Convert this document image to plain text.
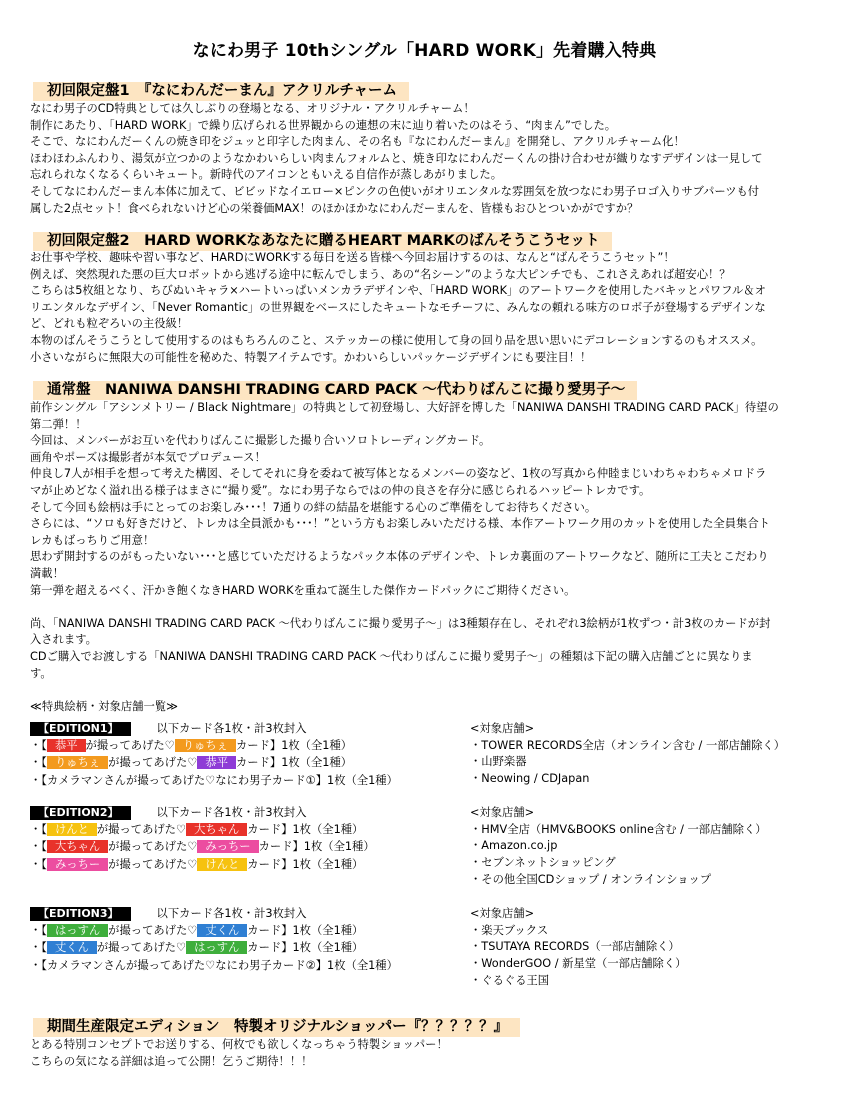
なにわ男子 10thシングル「HARD WORK」先着購入特典
初回限定盤1　『なにわんだーまん』アクリルチャーム
なにわ男子のCD特典としては久しぶりの登場となる、オリジナル・アクリルチャーム！
制作にあたり、「HARD WORK」で繰り広げられる世界観からの連想の末に辿り着いたのはそう、“肉まん”でした。
そこで、なにわんだーくんの焼き印をジュッと印字した肉まん、その名も『なにわんだーまん』を開発し、アクリルチャーム化！
ほわほわふんわり、湯気が立つかのようなかわいらしい肉まんフォルムと、焼き印なにわんだーくんの掛け合わせが織りなすデザインは一見して
忘れられなくなるくらいキュート。新時代のアイコンともいえる自信作が蒸しあがりました。
そしてなにわんだーまん本体に加えて、ビビッドなイエロー×ピンクの色使いがオリエンタルな雰囲気を放つなにわ男子ロゴ入りサブパーツも付
属した2点セット！食べられないけど心の栄養価MAX！のほかほかなにわんだーまんを、皆様もおひとついかがですか？
初回限定盤2　HARD WORKなあなたに贈るHEART MARKのばんそうこうセット
お仕事や学校、趣味や習い事など、HARDにWORKする毎日を送る皆様へ今回お届けするのは、なんと“ばんそうこうセット”！
例えば、突然現れた悪の巨大ロボットから逃げる途中に転んでしまう、あの“名シーン”のような大ピンチでも、これさえあれば超安心！？
こちらは5枚組となり、ちびぬいキャラ×ハートいっぱいメンカラデザインや、「HARD WORK」のアートワークを使用したバキッとパワフル＆オ
リエンタルなデザイン、「Never Romantic」の世界観をベースにしたキュートなモチーフに、みんなの頼れる味方のロボ子が登場するデザインな
ど、どれも粒ぞろいの主役級！
本物のばんそうこうとして使用するのはもちろんのこと、ステッカーの様に使用して身の回り品を思い思いにデコレーションするのもオススメ。
小さいながらに無限大の可能性を秘めた、特製アイテムです。かわいらしいパッケージデザインにも要注目！！
通常盤　NANIWA DANSHI TRADING CARD PACK 〜代わりばんこに撮り愛男子〜
前作シングル「アシンメトリー / Black Nightmare」の特典として初登場し、大好評を博した「NANIWA DANSHI TRADING CARD PACK」待望の
第二弾！！
今回は、メンバーがお互いを代わりばんこに撮影した撮り合いソロトレーディングカード。
画角やポーズは撮影者が本気でプロデュース！
仲良し7人が相手を想って考えた構図、そしてそれに身を委ねて被写体となるメンバーの姿など、1枚の写真から仲睦まじいわちゃわちゃメロドラ
マが止めどなく溢れ出る様子はまさに“撮り愛”。なにわ男子ならではの仲の良さを存分に感じられるハッピートレカです。
そして今回も絵柄は手にとってのお楽しみ･･･！7通りの絆の結晶を堪能する心のご準備をしてお待ちください。
さらには、“ソロも好きだけど、トレカは全員派かも･･･！”という方もお楽しみいただける様、本作アートワーク用のカットを使用した全員集合ト
レカもばっちりご用意！
思わず開封するのがもったいない･･･と感じていただけるようなパック本体のデザインや、トレカ裏面のアートワークなど、随所に工夫とこだわり
満載！
第一弾を超えるべく、汗かき飽くなきHARD WORKを重ねて誕生した傑作カードパックにご期待ください。
尚、「NANIWA DANSHI TRADING CARD PACK 〜代わりばんこに撮り愛男子〜」は3種類存在し、それぞれ3絵柄が1枚ずつ・計3枚のカードが封
入されます。
CDご購入でお渡しする「NANIWA DANSHI TRADING CARD PACK 〜代わりばんこに撮り愛男子〜」の種類は下記の購入店舗ごとに異なりま
す。
≪特典絵柄・対象店舗一覧≫
【EDITION1】	以下カード各1枚・計3枚封入
・【 恭平 が撮ってあげた♡ りゅちぇ カード】1枚（全1種）
・【 りゅちぇ が撮ってあげた♡ 恭平 カード】1枚（全1種）
・【カメラマンさんが撮ってあげた♡なにわ男子カード①】1枚（全1種）
<対象店舗>
・TOWER RECORDS全店（オンライン含む / 一部店舗除く）
・山野楽器
・Neowing / CDJapan
【EDITION2】	以下カード各1枚・計3枚封入
・【 けんと が撮ってあげた♡ 大ちゃん カード】1枚（全1種）
・【 大ちゃん が撮ってあげた♡ みっちー カード】1枚（全1種）
・【 みっちー が撮ってあげた♡ けんと カード】1枚（全1種）
<対象店舗>
・HMV全店（HMV&BOOKS online含む / 一部店舗除く）
・Amazon.co.jp
・セブンネットショッピング
・その他全国CDショップ / オンラインショップ
【EDITION3】	以下カード各1枚・計3枚封入
・【 はっすん が撮ってあげた♡ 丈くん カード】1枚（全1種）
・【 丈くん が撮ってあげた♡ はっすん カード】1枚（全1種）
・【カメラマンさんが撮ってあげた♡なにわ男子カード②】1枚（全1種）
<対象店舗>
・楽天ブックス
・TSUTAYA RECORDS（一部店舗除く）
・WonderGOO / 新星堂（一部店舗除く）
・ぐるぐる王国
期間生産限定エディション　特製オリジナルショッパー『？？？？？』
とある特別コンセプトでお送りする、何枚でも欲しくなっちゃう特製ショッパー！
こちらの気になる詳細は追って公開！乞うご期待！！！
